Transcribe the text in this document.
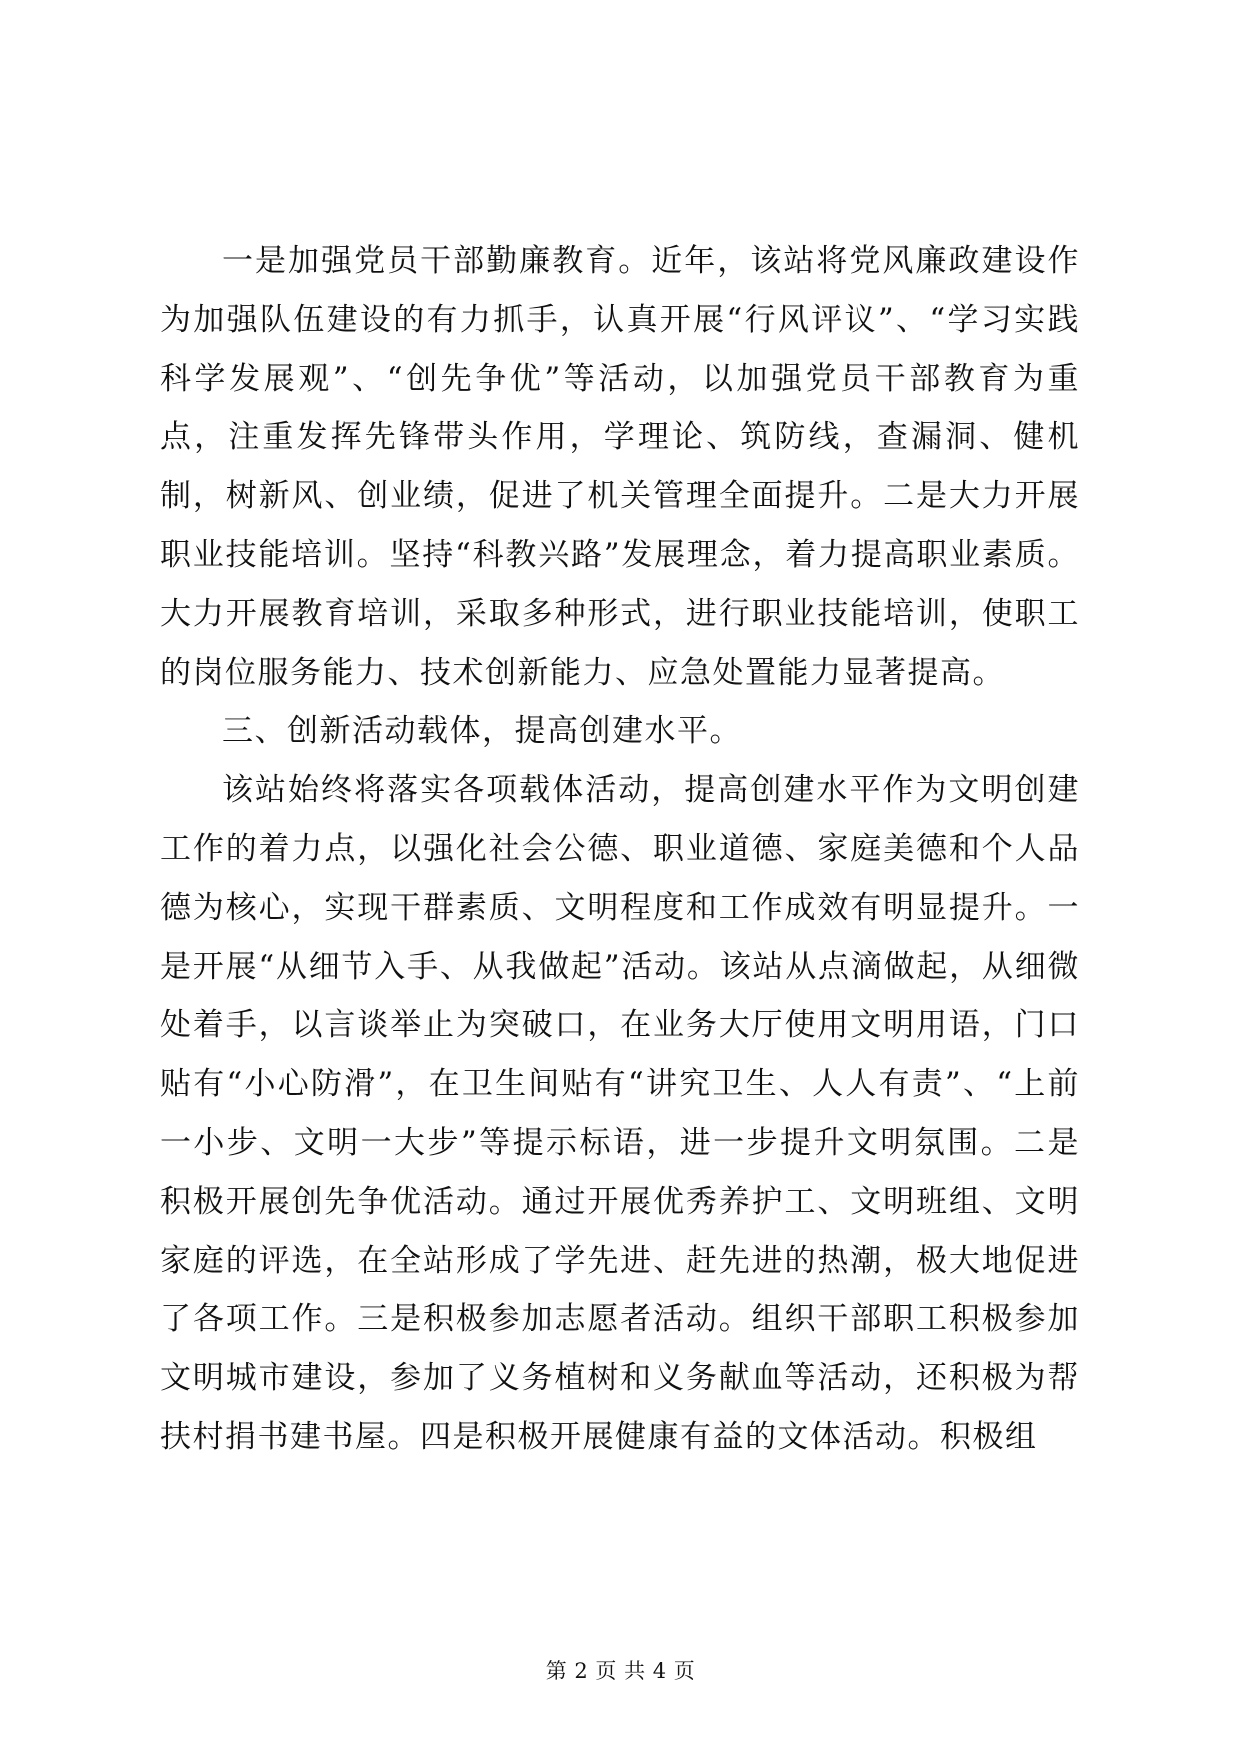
一是加强党员干部勤廉教育。近年，该站将党风廉政建设作为加强队伍建设的有力抓手，认真开展“行风评议”、“学习实践科学发展观”、“创先争优”等活动，以加强党员干部教育为重点，注重发挥先锋带头作用，学理论、筑防线，查漏洞、健机制，树新风、创业绩，促进了机关管理全面提升。二是大力开展职业技能培训。坚持“科教兴路”发展理念，着力提高职业素质。大力开展教育培训，采取多种形式，进行职业技能培训，使职工的岗位服务能力、技术创新能力、应急处置能力显著提高。

三、创新活动载体，提高创建水平。

该站始终将落实各项载体活动，提高创建水平作为文明创建工作的着力点，以强化社会公德、职业道德、家庭美德和个人品德为核心，实现干群素质、文明程度和工作成效有明显提升。一是开展“从细节入手、从我做起”活动。该站从点滴做起，从细微处着手，以言谈举止为突破口，在业务大厅使用文明用语，门口贴有“小心防滑”，在卫生间贴有“讲究卫生、人人有责”、“上前一小步、文明一大步”等提示标语，进一步提升文明氛围。二是积极开展创先争优活动。通过开展优秀养护工、文明班组、文明家庭的评选，在全站形成了学先进、赶先进的热潮，极大地促进了各项工作。三是积极参加志愿者活动。组织干部职工积极参加文明城市建设，参加了义务植树和义务献血等活动，还积极为帮扶村捐书建书屋。四是积极开展健康有益的文体活动。积极组

第 2 页 共 4 页
